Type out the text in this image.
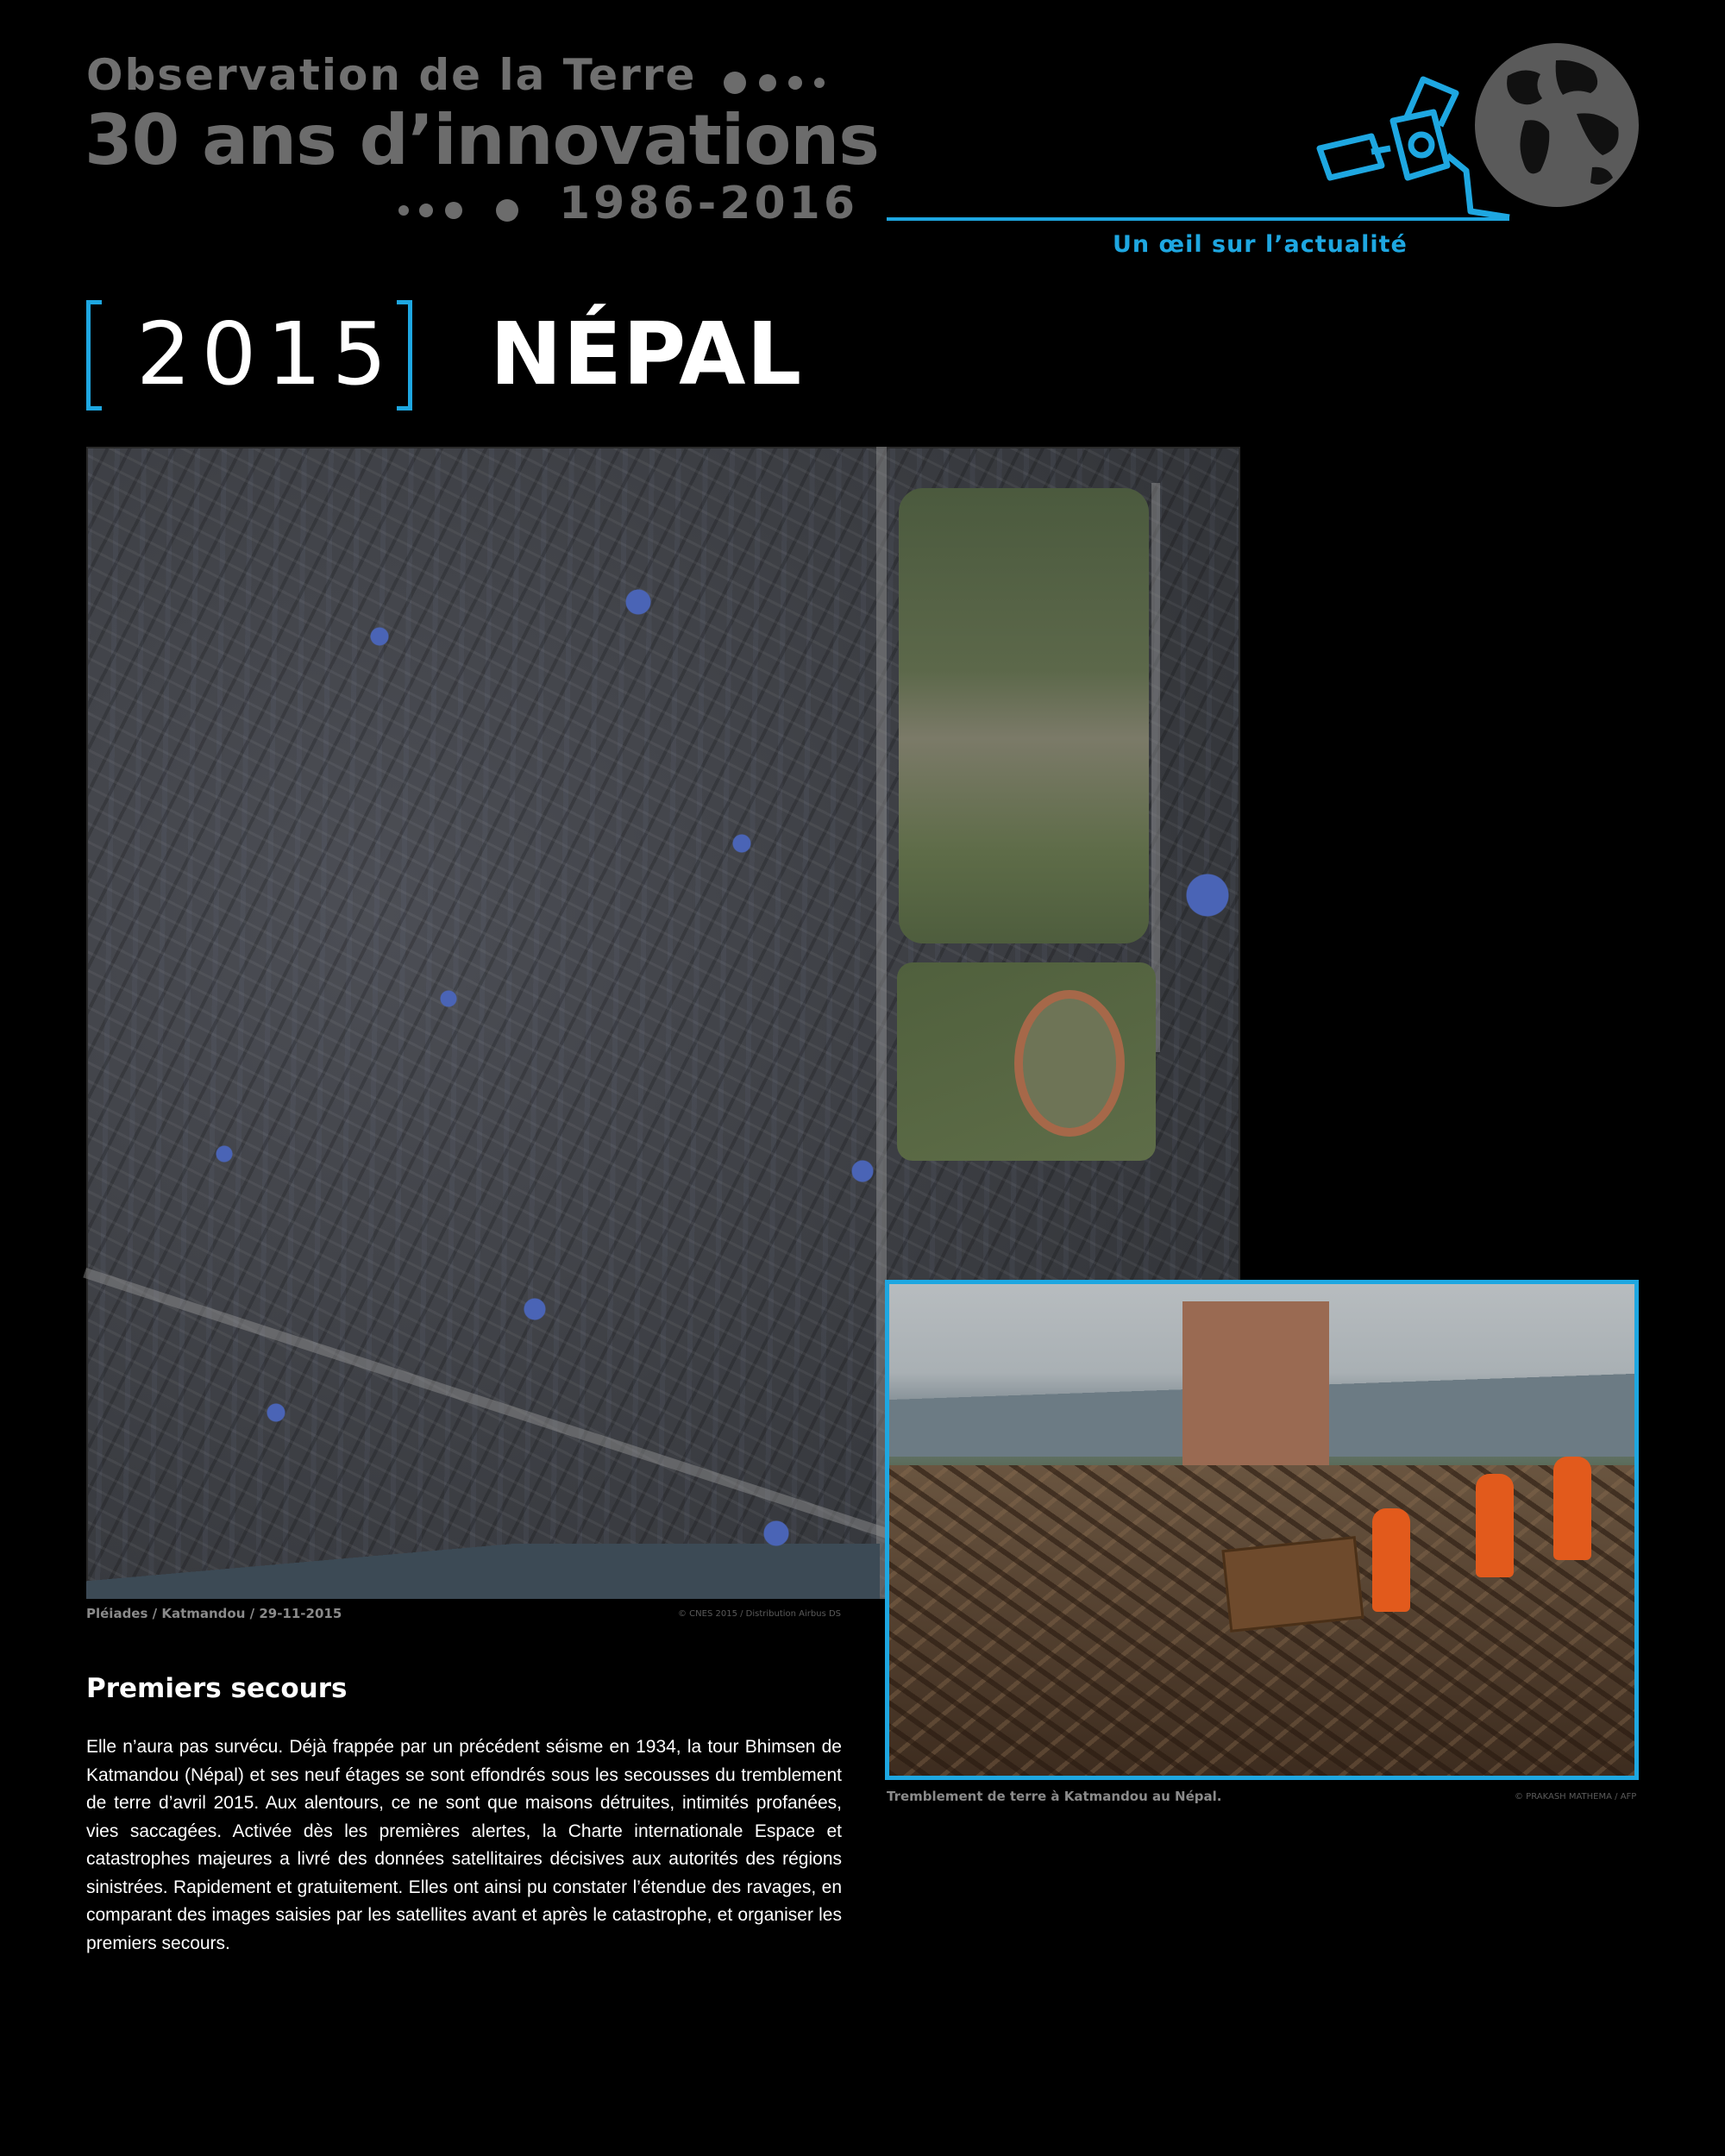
Observation de la Terre
30 ans d’innovations
1986-2016
Un œil sur l’actualité
2015 NÉPAL
Pléiades / Katmandou / 29-11-2015	© CNES 2015 / Distribution Airbus DS
Tremblement de terre à Katmandou au Népal.	© PRAKASH MATHEMA / AFP
Premiers secours
Elle n’aura pas survécu. Déjà frappée par un précédent séisme en 1934, la tour Bhimsen de Katmandou (Népal) et ses neuf étages se sont effondrés sous les secousses du tremblement de terre d’avril 2015. Aux alentours, ce ne sont que maisons détruites, intimités profanées, vies saccagées. Activée dès les premières alertes, la Charte internationale Espace et catastrophes majeures a livré des données satellitaires décisives aux autorités des régions sinistrées. Rapidement et gratuitement. Elles ont ainsi pu constater l’étendue des ravages, en comparant des images saisies par les satellites avant et après le catastrophe, et organiser les premiers secours.
